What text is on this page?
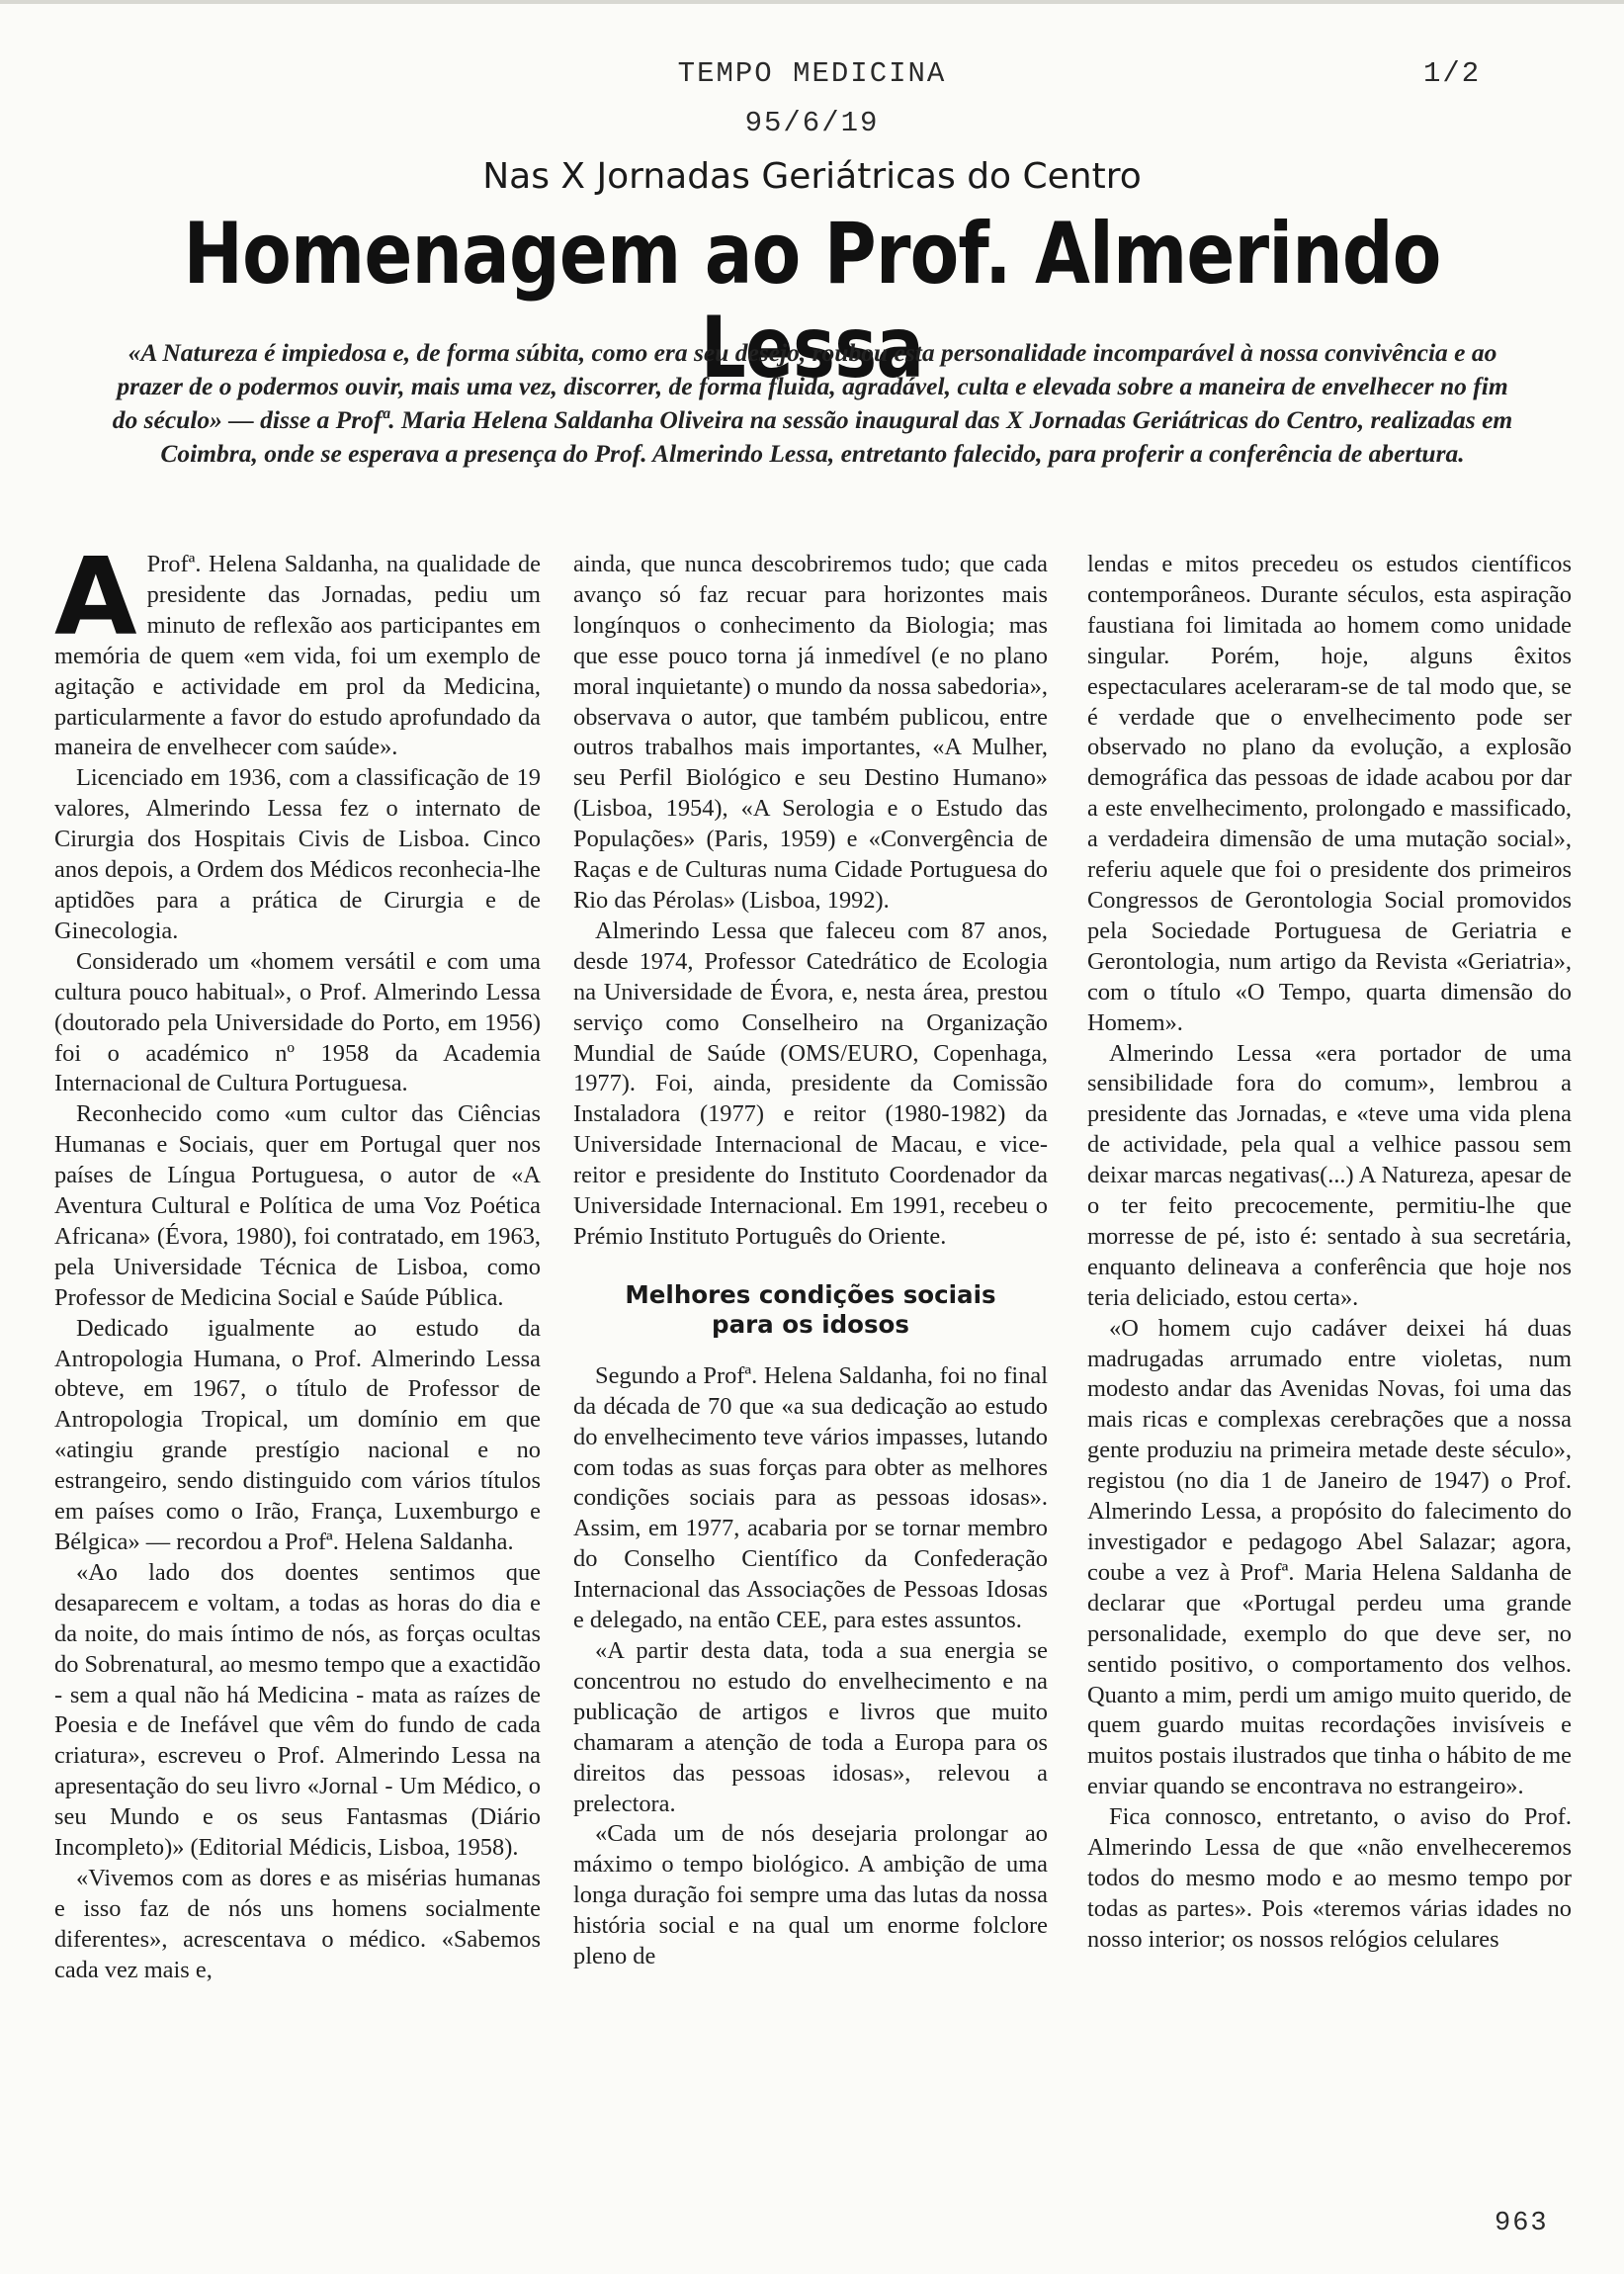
TEMPO MEDICINA
95/6/19
1/2
Nas X Jornadas Geriátricas do Centro
Homenagem ao Prof. Almerindo Lessa
«A Natureza é impiedosa e, de forma súbita, como era seu desejo, roubou esta personalidade incomparável à nossa convivência e ao prazer de o podermos ouvir, mais uma vez, discorrer, de forma fluida, agradável, culta e elevada sobre a maneira de envelhecer no fim do século» — disse a Profª. Maria Helena Saldanha Oliveira na sessão inaugural das X Jornadas Geriátricas do Centro, realizadas em Coimbra, onde se esperava a presença do Prof. Almerindo Lessa, entretanto falecido, para proferir a conferência de abertura.

A Profª. Helena Saldanha, na qualidade de presidente das Jornadas, pediu um minuto de reflexão aos participantes em memória de quem «em vida, foi um exemplo de agitação e actividade em prol da Medicina, particularmente a favor do estudo aprofundado da maneira de envelhecer com saúde».

Licenciado em 1936, com a classificação de 19 valores, Almerindo Lessa fez o internato de Cirurgia dos Hospitais Civis de Lisboa. Cinco anos depois, a Ordem dos Médicos reconhecia-lhe aptidões para a prática de Cirurgia e de Ginecologia.

Considerado um «homem versátil e com uma cultura pouco habitual», o Prof. Almerindo Lessa (doutorado pela Universidade do Porto, em 1956) foi o académico nº 1958 da Academia Internacional de Cultura Portuguesa.

Reconhecido como «um cultor das Ciências Humanas e Sociais, quer em Portugal quer nos países de Língua Portuguesa, o autor de «A Aventura Cultural e Política de uma Voz Poética Africana» (Évora, 1980), foi contratado, em 1963, pela Universidade Técnica de Lisboa, como Professor de Medicina Social e Saúde Pública.

Dedicado igualmente ao estudo da Antropologia Humana, o Prof. Almerindo Lessa obteve, em 1967, o título de Professor de Antropologia Tropical, um domínio em que «atingiu grande prestígio nacional e no estrangeiro, sendo distinguido com vários títulos em países como o Irão, França, Luxemburgo e Bélgica» — recordou a Profª. Helena Saldanha.

«Ao lado dos doentes sentimos que desaparecem e voltam, a todas as horas do dia e da noite, do mais íntimo de nós, as forças ocultas do Sobrenatural, ao mesmo tempo que a exactidão - sem a qual não há Medicina - mata as raízes de Poesia e de Inefável que vêm do fundo de cada criatura», escreveu o Prof. Almerindo Lessa na apresentação do seu livro «Jornal - Um Médico, o seu Mundo e os seus Fantasmas (Diário Incompleto)» (Editorial Médicis, Lisboa, 1958).

«Vivemos com as dores e as misérias humanas e isso faz de nós uns homens socialmente diferentes», acrescentava o médico. «Sabemos cada vez mais e,

ainda, que nunca descobriremos tudo; que cada avanço só faz recuar para horizontes mais longínquos o conhecimento da Biologia; mas que esse pouco torna já inmedível (e no plano moral inquietante) o mundo da nossa sabedoria», observava o autor, que também publicou, entre outros trabalhos mais importantes, «A Mulher, seu Perfil Biológico e seu Destino Humano» (Lisboa, 1954), «A Serologia e o Estudo das Populações» (Paris, 1959) e «Convergência de Raças e de Culturas numa Cidade Portuguesa do Rio das Pérolas» (Lisboa, 1992).

Almerindo Lessa que faleceu com 87 anos, desde 1974, Professor Catedrático de Ecologia na Universidade de Évora, e, nesta área, prestou serviço como Conselheiro na Organização Mundial de Saúde (OMS/EURO, Copenhaga, 1977). Foi, ainda, presidente da Comissão Instaladora (1977) e reitor (1980-1982) da Universidade Internacional de Macau, e vice-reitor e presidente do Instituto Coordenador da Universidade Internacional. Em 1991, recebeu o Prémio Instituto Português do Oriente.

Melhores condições sociais
para os idosos

Segundo a Profª. Helena Saldanha, foi no final da década de 70 que «a sua dedicação ao estudo do envelhecimento teve vários impasses, lutando com todas as suas forças para obter as melhores condições sociais para as pessoas idosas». Assim, em 1977, acabaria por se tornar membro do Conselho Científico da Confederação Internacional das Associações de Pessoas Idosas e delegado, na então CEE, para estes assuntos.

«A partir desta data, toda a sua energia se concentrou no estudo do envelhecimento e na publicação de artigos e livros que muito chamaram a atenção de toda a Europa para os direitos das pessoas idosas», relevou a prelectora.

«Cada um de nós desejaria prolongar ao máximo o tempo biológico. A ambição de uma longa duração foi sempre uma das lutas da nossa história social e na qual um enorme folclore pleno de

lendas e mitos precedeu os estudos científicos contemporâneos. Durante séculos, esta aspiração faustiana foi limitada ao homem como unidade singular. Porém, hoje, alguns êxitos espectaculares aceleraram-se de tal modo que, se é verdade que o envelhecimento pode ser observado no plano da evolução, a explosão demográfica das pessoas de idade acabou por dar a este envelhecimento, prolongado e massificado, a verdadeira dimensão de uma mutação social», referiu aquele que foi o presidente dos primeiros Congressos de Gerontologia Social promovidos pela Sociedade Portuguesa de Geriatria e Gerontologia, num artigo da Revista «Geriatria», com o título «O Tempo, quarta dimensão do Homem».

Almerindo Lessa «era portador de uma sensibilidade fora do comum», lembrou a presidente das Jornadas, e «teve uma vida plena de actividade, pela qual a velhice passou sem deixar marcas negativas(...) A Natureza, apesar de o ter feito precocemente, permitiu-lhe que morresse de pé, isto é: sentado à sua secretária, enquanto delineava a conferência que hoje nos teria deliciado, estou certa».

«O homem cujo cadáver deixei há duas madrugadas arrumado entre violetas, num modesto andar das Avenidas Novas, foi uma das mais ricas e complexas cerebrações que a nossa gente produziu na primeira metade deste século», registou (no dia 1 de Janeiro de 1947) o Prof. Almerindo Lessa, a propósito do falecimento do investigador e pedagogo Abel Salazar; agora, coube a vez à Profª. Maria Helena Saldanha de declarar que «Portugal perdeu uma grande personalidade, exemplo do que deve ser, no sentido positivo, o comportamento dos velhos. Quanto a mim, perdi um amigo muito querido, de quem guardo muitas recordações invisíveis e muitos postais ilustrados que tinha o hábito de me enviar quando se encontrava no estrangeiro».

Fica connosco, entretanto, o aviso do Prof. Almerindo Lessa de que «não envelheceremos todos do mesmo modo e ao mesmo tempo por todas as partes». Pois «teremos várias idades no nosso interior; os nossos relógios celulares

963
